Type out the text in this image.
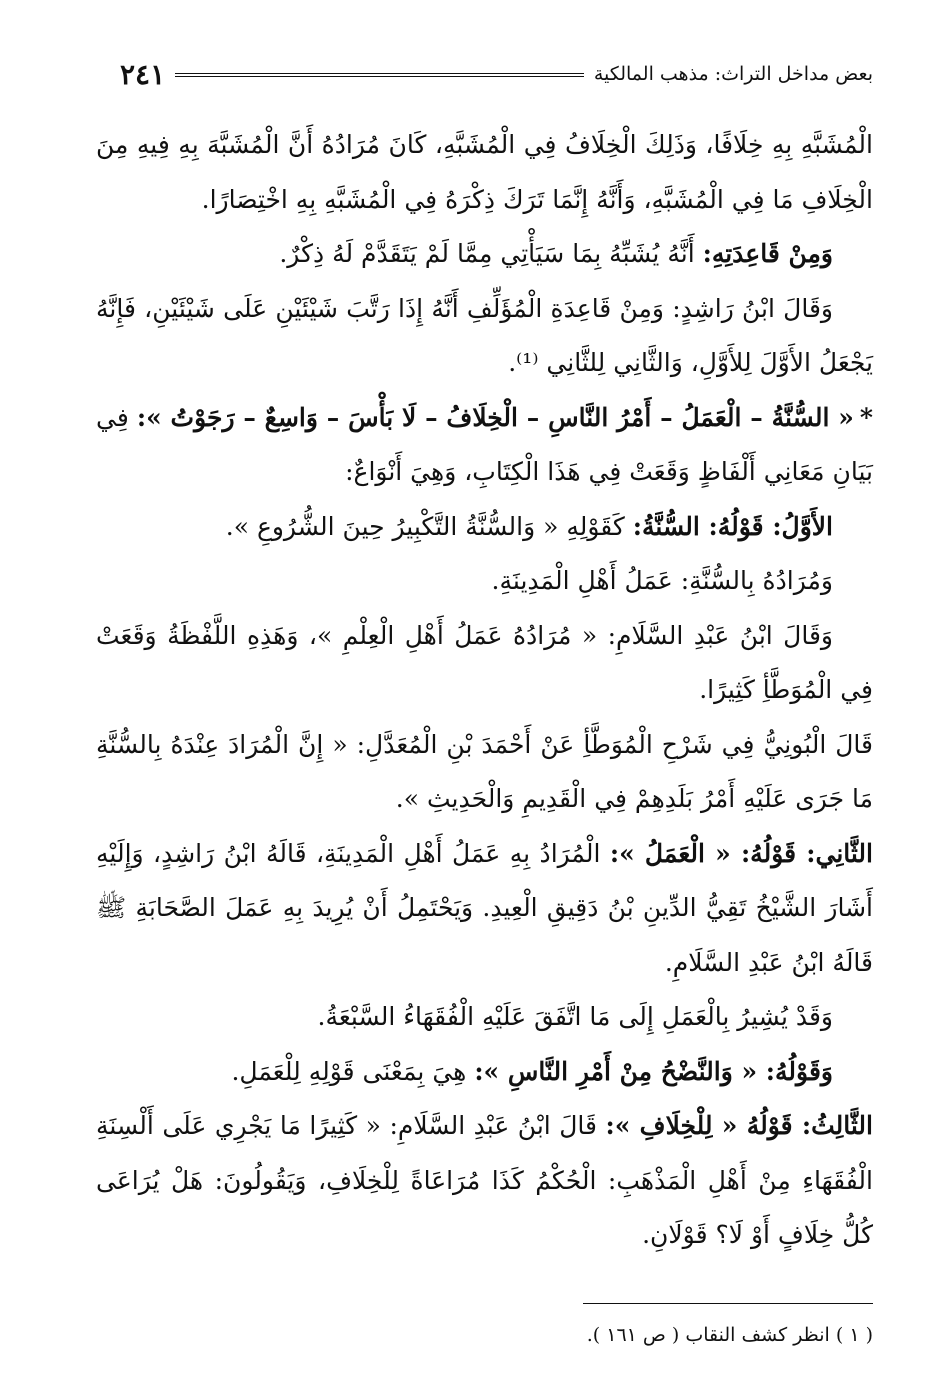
بعض مداخل التراث: مذهب المالكية
٢٤١

الْمُشَبَّهِ بِهِ خِلَافًا، وَذَلِكَ الْخِلَافُ فِي الْمُشَبَّهِ، كَانَ مُرَادُهُ أَنَّ الْمُشَبَّهَ بِهِ فِيهِ مِنَ الْخِلَافِ مَا فِي الْمُشَبَّهِ، وَأَنَّهُ إِنَّمَا تَرَكَ ذِكْرَهُ فِي الْمُشَبَّهِ بِهِ اخْتِصَارًا.

وَمِنْ قَاعِدَتِهِ: أَنَّهُ يُشَبِّهُ بِمَا سَيَأْتِي مِمَّا لَمْ يَتَقَدَّمْ لَهُ ذِكْرٌ.

وَقَالَ ابْنُ رَاشِدٍ: وَمِنْ قَاعِدَةِ الْمُؤَلِّفِ أَنَّهُ إِذَا رَتَّبَ شَيْئَيْنِ عَلَى شَيْئَيْنِ، فَإِنَّهُ يَجْعَلُ الأَوَّلَ لِلأَوَّلِ، وَالثَّانِي لِلثَّانِي ⁽¹⁾.

*« السُّنَّةُ – الْعَمَلُ – أَمْرُ النَّاسِ – الْخِلَافُ – لَا بَأْسَ – وَاسِعٌ – رَجَوْتُ »: فِي بَيَانِ مَعَانِي أَلْفَاظٍ وَقَعَتْ فِي هَذَا الْكِتَابِ، وَهِيَ أَنْوَاعٌ:

الأَوَّلُ: قَوْلُهُ: السُّنَّةُ: كَقَوْلِهِ « وَالسُّنَّةُ التَّكْبِيرُ حِينَ الشُّرُوعِ ».

وَمُرَادُهُ بِالسُّنَّةِ: عَمَلُ أَهْلِ الْمَدِينَةِ.

وَقَالَ ابْنُ عَبْدِ السَّلَامِ: « مُرَادُهُ عَمَلُ أَهْلِ الْعِلْمِ »، وَهَذِهِ اللَّفْظَةُ وَقَعَتْ فِي الْمُوَطَّأِ كَثِيرًا.

قَالَ الْبُونِيُّ فِي شَرْحِ الْمُوَطَّأِ عَنْ أَحْمَدَ بْنِ الْمُعَدَّلِ: « إِنَّ الْمُرَادَ عِنْدَهُ بِالسُّنَّةِ مَا جَرَى عَلَيْهِ أَمْرُ بَلَدِهِمْ فِي الْقَدِيمِ وَالْحَدِيثِ ».

الثَّانِي: قَوْلُهُ: « الْعَمَلُ »: الْمُرَادُ بِهِ عَمَلُ أَهْلِ الْمَدِينَةِ، قَالَهُ ابْنُ رَاشِدٍ، وَإِلَيْهِ أَشَارَ الشَّيْخُ تَقِيُّ الدِّينِ بْنُ دَقِيقِ الْعِيدِ. وَيَحْتَمِلُ أَنْ يُرِيدَ بِهِ عَمَلَ الصَّحَابَةِ ﷺ قَالَهُ ابْنُ عَبْدِ السَّلَامِ.

وَقَدْ يُشِيرُ بِالْعَمَلِ إِلَى مَا اتَّفَقَ عَلَيْهِ الْفُقَهَاءُ السَّبْعَةُ.

وَقَوْلُهُ: « وَالنَّضْحُ مِنْ أَمْرِ النَّاسِ »: هِيَ بِمَعْنَى قَوْلِهِ لِلْعَمَلِ.

الثَّالِثُ: قَوْلُهُ « لِلْخِلَافِ »: قَالَ ابْنُ عَبْدِ السَّلَامِ: « كَثِيرًا مَا يَجْرِي عَلَى أَلْسِنَةِ الْفُقَهَاءِ مِنْ أَهْلِ الْمَذْهَبِ: الْحُكْمُ كَذَا مُرَاعَاةً لِلْخِلَافِ، وَيَقُولُونَ: هَلْ يُرَاعَى كُلُّ خِلَافٍ أَوْ لَا؟ قَوْلَانِ.

( ١ ) انظر كشف النقاب ( ص ١٦١ ).
